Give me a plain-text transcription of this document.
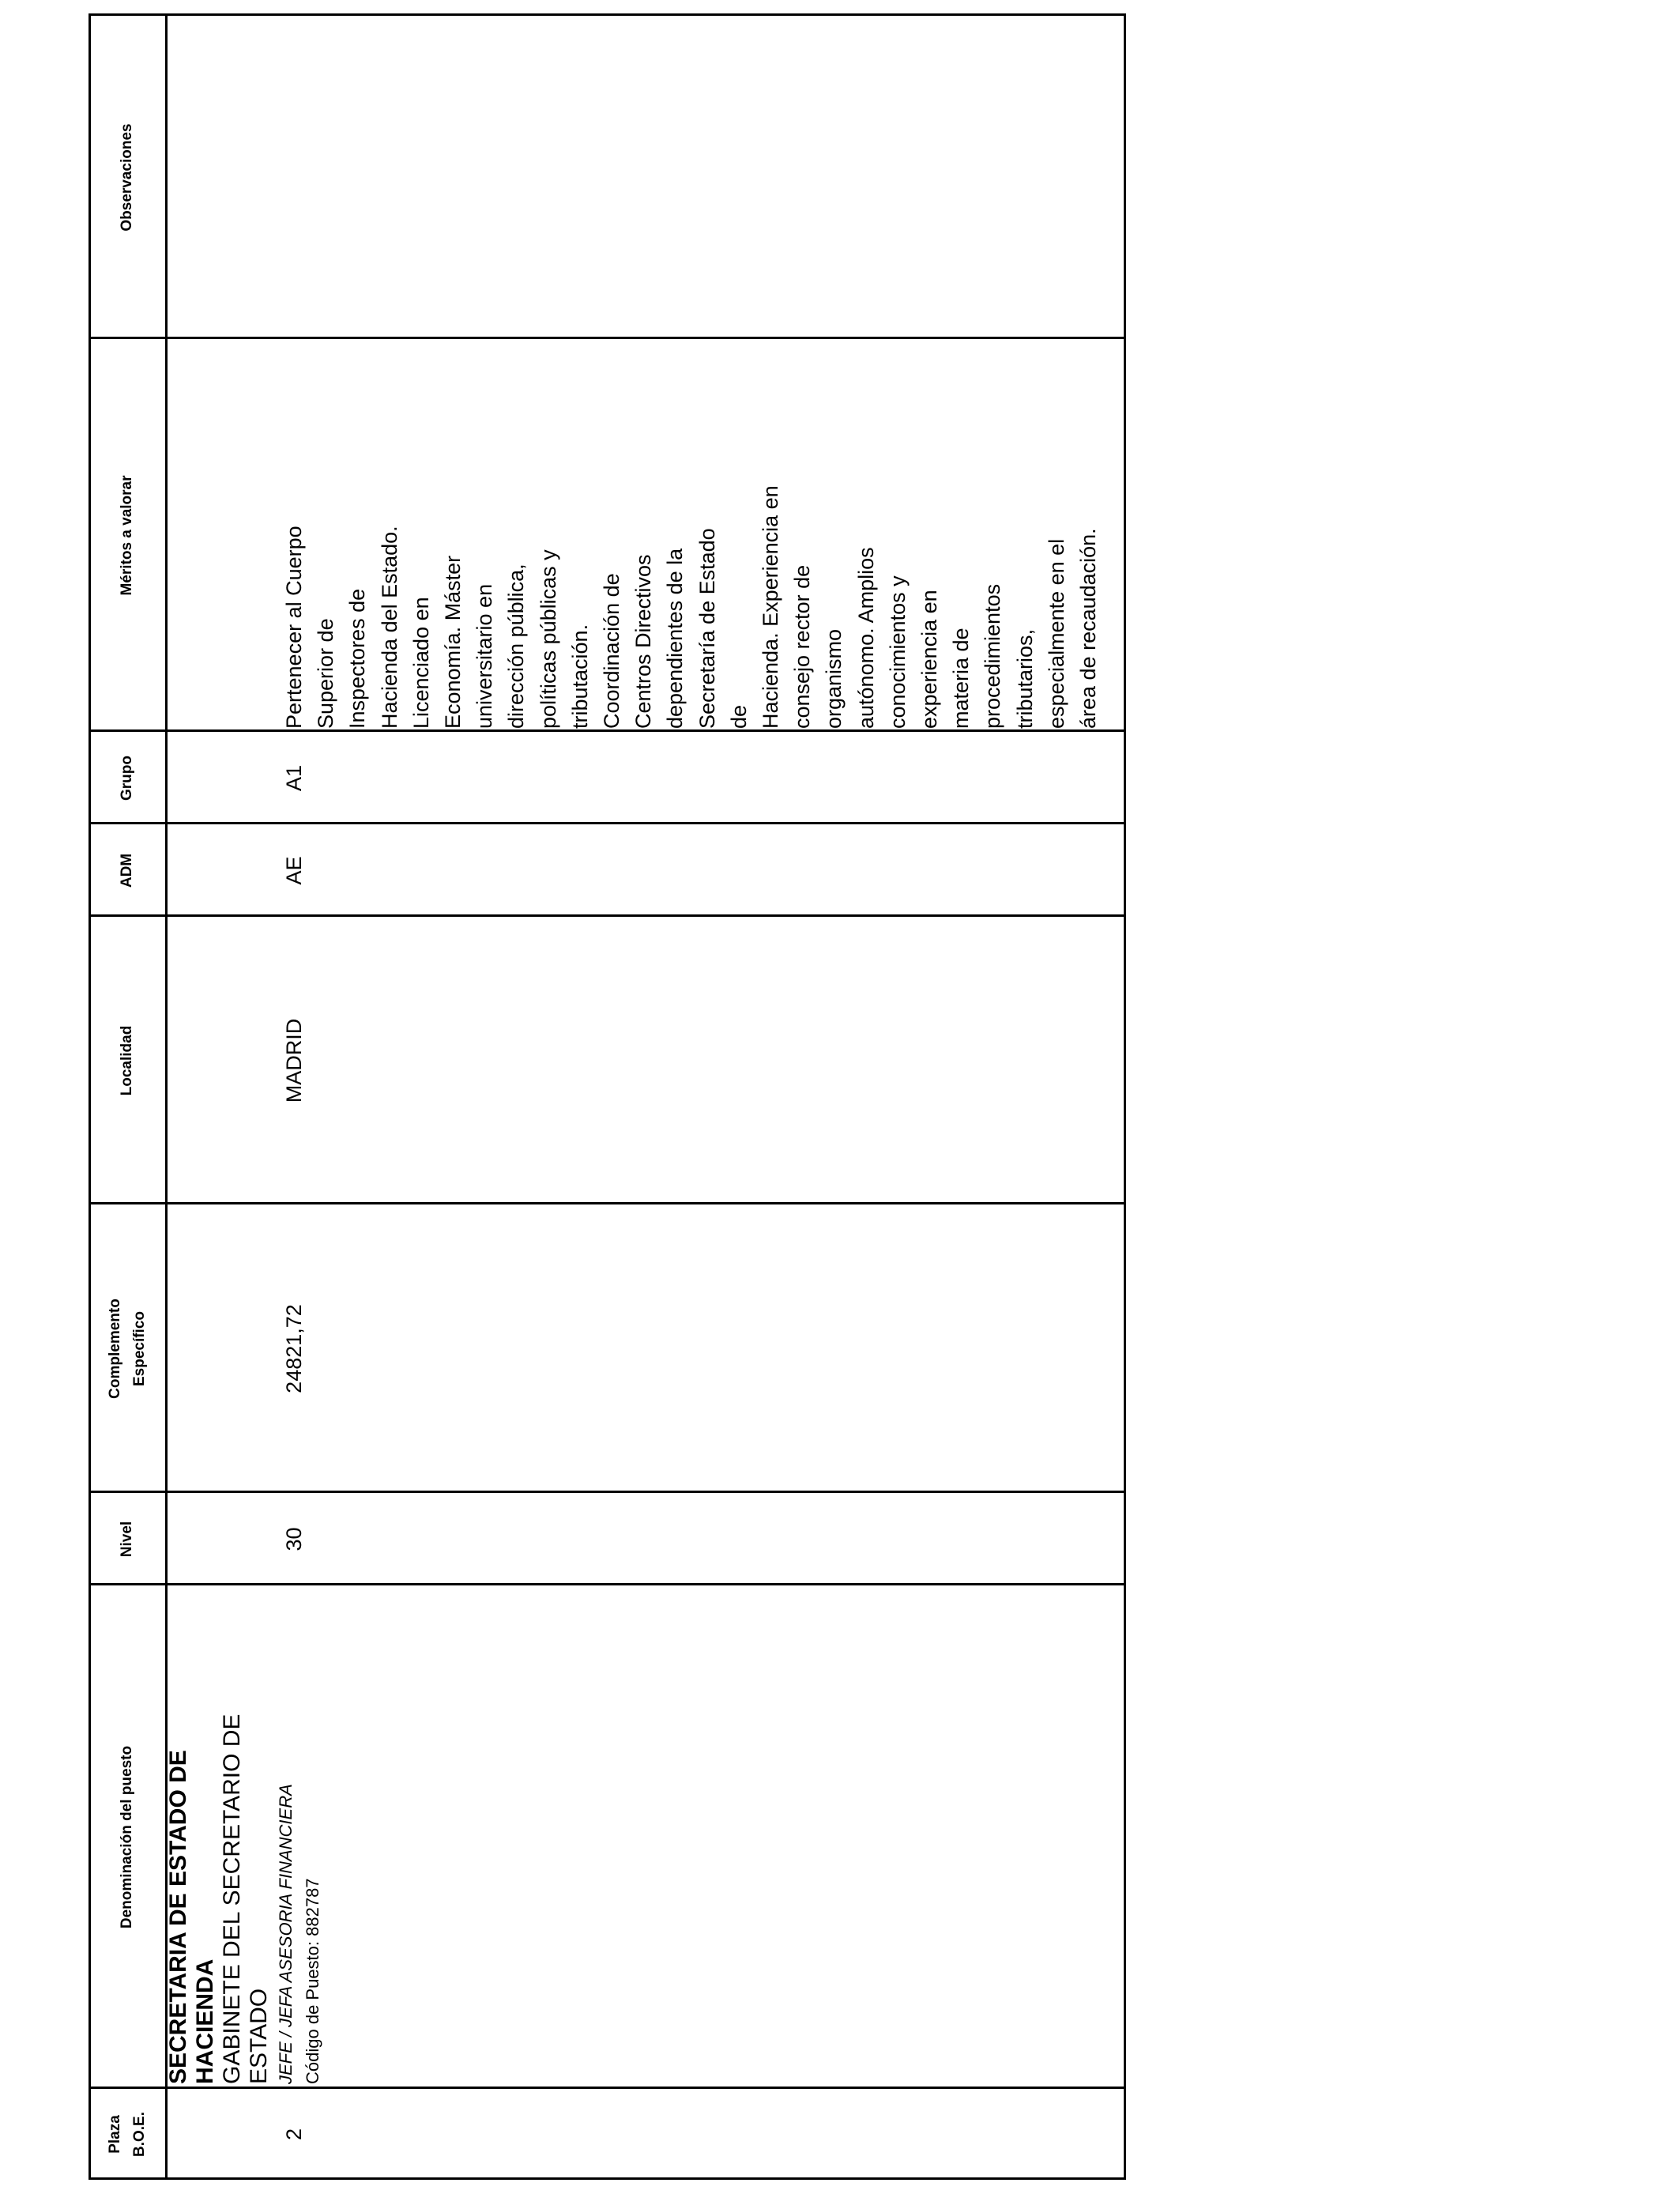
Plaza B.O.E.
Denominación del puesto
Nivel
Complemento Específico
Localidad
ADM
Grupo
Méritos a valorar
Observaciones
SECRETARIA DE ESTADO DE HACIENDA GABINETE DEL SECRETARIO DE ESTADO JEFE / JEFA ASESORIA FINANCIERA Código de Puesto: 882787
2
30
24821,72
MADRID
AE
A1
Pertenecer al Cuerpo Superior de Inspectores de Hacienda del Estado. Licenciado en Economía. Máster universitario en dirección pública, políticas públicas y tributación. Coordinación de Centros Directivos dependientes de la Secretaría de Estado de Hacienda. Experiencia en consejo rector de organismo autónomo. Amplios conocimientos y experiencia en materia de procedimientos tributarios, especialmente en el área de recaudación.
